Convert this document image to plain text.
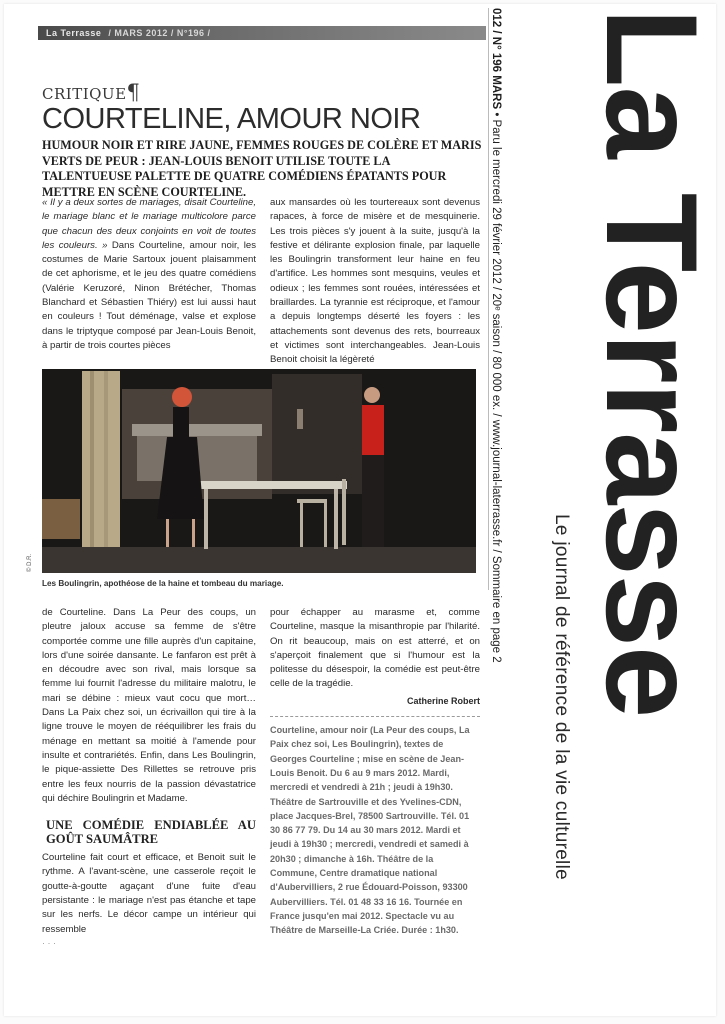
La Terrasse / MARS 2012 / N°196 /
critique¶
COURTELINE, AMOUR NOIR
HUMOUR NOIR ET RIRE JAUNE, FEMMES ROUGES DE COLÈRE ET MARIS VERTS DE PEUR : JEAN-LOUIS BENOIT UTILISE TOUTE LA TALENTUEUSE PALETTE DE QUATRE COMÉDIENS ÉPATANTS POUR METTRE EN SCÈNE COURTELINE.

« Il y a deux sortes de mariages, disait Courteline, le mariage blanc et le mariage multicolore parce que chacun des deux conjoints en voit de toutes les couleurs. » Dans Courteline, amour noir, les costumes de Marie Sartoux jouent plaisamment de cet aphorisme, et le jeu des quatre comédiens (Valérie Keruzoré, Ninon Brétécher, Thomas Blanchard et Sébastien Thiéry) est lui aussi haut en couleurs ! Tout déménage, valse et explose dans le triptyque composé par Jean-Louis Benoit, à partir de trois courtes pièces

aux mansardes où les tourtereaux sont devenus rapaces, à force de misère et de mesquinerie. Les trois pièces s'y jouent à la suite, jusqu'à la festive et délirante explosion finale, par laquelle les Boulingrin transforment leur haine en feu d'artifice. Les hommes sont mesquins, veules et odieux ; les femmes sont rouées, intéressées et braillardes. La tyrannie est réciproque, et l'amour a depuis longtemps déserté les foyers : les attachements sont devenus des rets, bourreaux et victimes sont interchangeables. Jean-Louis Benoit choisit la légèreté

© D.R.
Les Boulingrin, apothéose de la haine et tombeau du mariage.

de Courteline. Dans La Peur des coups, un pleutre jaloux accuse sa femme de s'être comportée comme une fille auprès d'un capitaine, lors d'une soirée dansante. Le fanfaron est prêt à en découdre avec son rival, mais lorsque sa femme lui fournit l'adresse du militaire malotru, le mari se débine : mieux vaut cocu que mort… Dans La Paix chez soi, un écrivaillon qui tire à la ligne trouve le moyen de rééquilibrer les frais du ménage en mettant sa moitié à l'amende pour insulte et contrariétés. Enfin, dans Les Boulingrin, le pique-assiette Des Rillettes se retrouve pris entre les feux nourris de la passion dévastatrice qui déchire Boulingrin et Madame.

UNE COMÉDIE ENDIABLÉE AU GOÛT SAUMÂTRE

Courteline fait court et efficace, et Benoit suit le rythme. A l'avant-scène, une casserole reçoit le goutte-à-goutte agaçant d'une fuite d'eau persistante : le mariage n'est pas étanche et tape sur les nerfs. Le décor campe un intérieur qui ressemble

pour échapper au marasme et, comme Courteline, masque la misanthropie par l'hilarité. On rit beaucoup, mais on est atterré, et on s'aperçoit finalement que si l'humour est la politesse du désespoir, la comédie est peut-être celle de la tragédie.

Catherine Robert
Courteline, amour noir (La Peur des coups, La Paix chez soi, Les Boulingrin), textes de Georges Courteline ; mise en scène de Jean-Louis Benoit. Du 6 au 9 mars 2012. Mardi, mercredi et vendredi à 21h ; jeudi à 19h30. Théâtre de Sartrouville et des Yvelines-CDN, place Jacques-Brel, 78500 Sartrouville. Tél. 01 30 86 77 79. Du 14 au 30 mars 2012. Mardi et jeudi à 19h30 ; mercredi, vendredi et samedi à 20h30 ; dimanche à 16h. Théâtre de la Commune, Centre dramatique national d'Aubervilliers, 2 rue Édouard-Poisson, 93300 Aubervilliers. Tél. 01 48 33 16 16. Tournée en France jusqu'en mai 2012. Spectacle vu au Théâtre de Marseille-La Criée. Durée : 1h30.
· · ·
012 / N° 196 MARS • Paru le mercredi 29 février 2012 / 20ᵉ saison / 80 000 ex. / www.journal-laterrasse.fr / Sommaire en page 2 La Terrasse
Le journal de référence de la vie culturelle
